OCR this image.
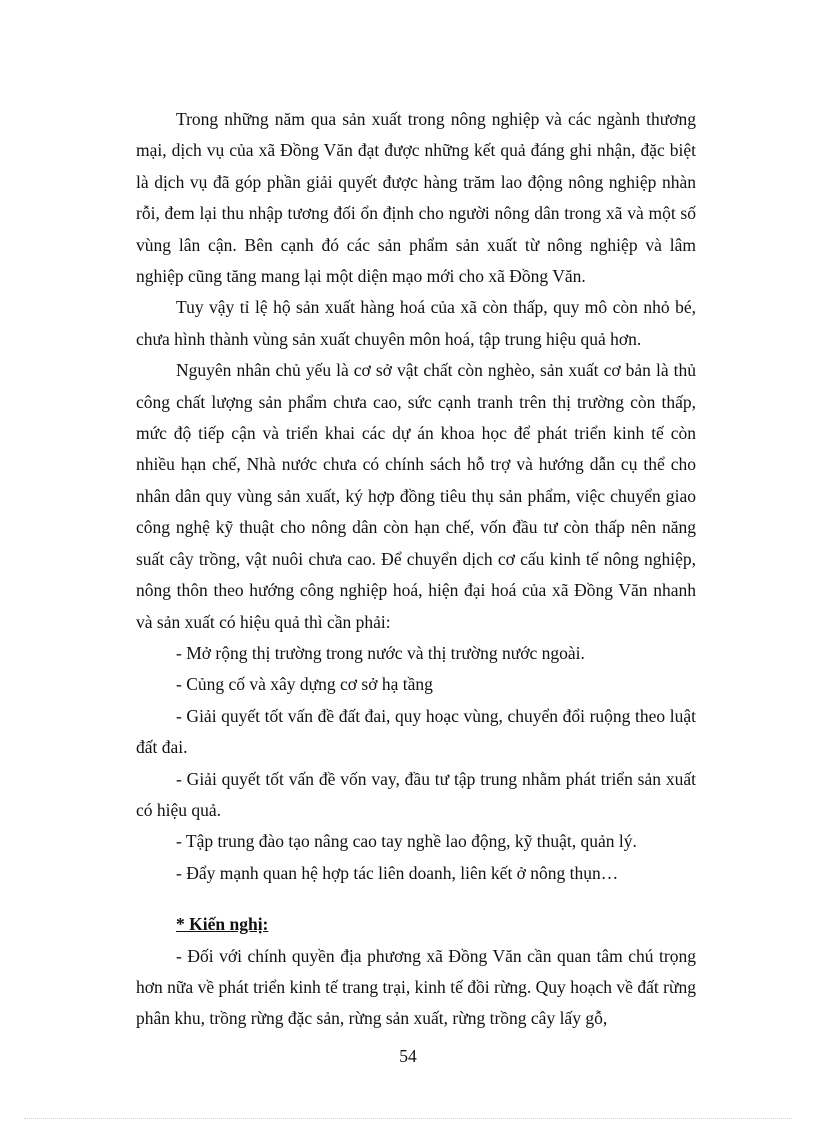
Trong những năm qua sản xuất trong nông nghiệp và các ngành thương mại, dịch vụ của xã Đồng Văn đạt được những kết quả đáng ghi nhận, đặc biệt là dịch vụ đã góp phần giải quyết được hàng trăm lao động nông nghiệp nhàn rỗi, đem lại thu nhập tương đối ổn định cho người nông dân trong xã và một số vùng lân cận. Bên cạnh đó các sản phẩm sản xuất từ nông nghiệp và lâm nghiệp cũng tăng mang lại một diện mạo mới cho xã Đồng Văn.

Tuy vậy tỉ lệ hộ sản xuất hàng hoá của xã còn thấp, quy mô còn nhỏ bé, chưa hình thành vùng sản xuất chuyên môn hoá, tập trung hiệu quả hơn.

Nguyên nhân chủ yếu là cơ sở vật chất còn nghèo, sản xuất cơ bản là thủ công chất lượng sản phẩm chưa cao, sức cạnh tranh trên thị trường còn thấp, mức độ tiếp cận và triển khai các dự án khoa học để phát triển kinh tế còn nhiều hạn chế, Nhà nước chưa có chính sách hỗ trợ và hướng dẫn cụ thể cho nhân dân quy vùng sản xuất, ký hợp đồng tiêu thụ sản phẩm, việc chuyển giao công nghệ kỹ thuật cho nông dân còn hạn chế, vốn đầu tư còn thấp nên năng suất cây trồng, vật nuôi chưa cao. Để chuyển dịch cơ cấu kinh tế nông nghiệp, nông thôn theo hướng công nghiệp hoá, hiện đại hoá của xã Đồng Văn nhanh và sản xuất có hiệu quả thì cần phải:

- Mở rộng thị trường trong nước và thị trường nước ngoài.

- Củng cố và xây dựng cơ sở hạ tầng

- Giải quyết tốt vấn đề đất đai, quy hoạc vùng, chuyển đổi ruộng theo luật đất đai.

- Giải quyết tốt vấn đề vốn vay, đầu tư tập trung nhằm phát triển sản xuất có hiệu quả.

- Tập trung đào tạo nâng cao tay nghề lao động, kỹ thuật, quản lý.

- Đẩy mạnh quan hệ hợp tác liên doanh, liên kết ở nông thụn…

* Kiến nghị:

- Đối với chính quyền địa phương xã Đồng Văn cần quan tâm chú trọng hơn nữa về phát triển kinh tế trang trại, kinh tế đồi rừng. Quy hoạch về đất rừng phân khu, trồng rừng đặc sản, rừng sản xuất, rừng trồng cây lấy gỗ,

54
